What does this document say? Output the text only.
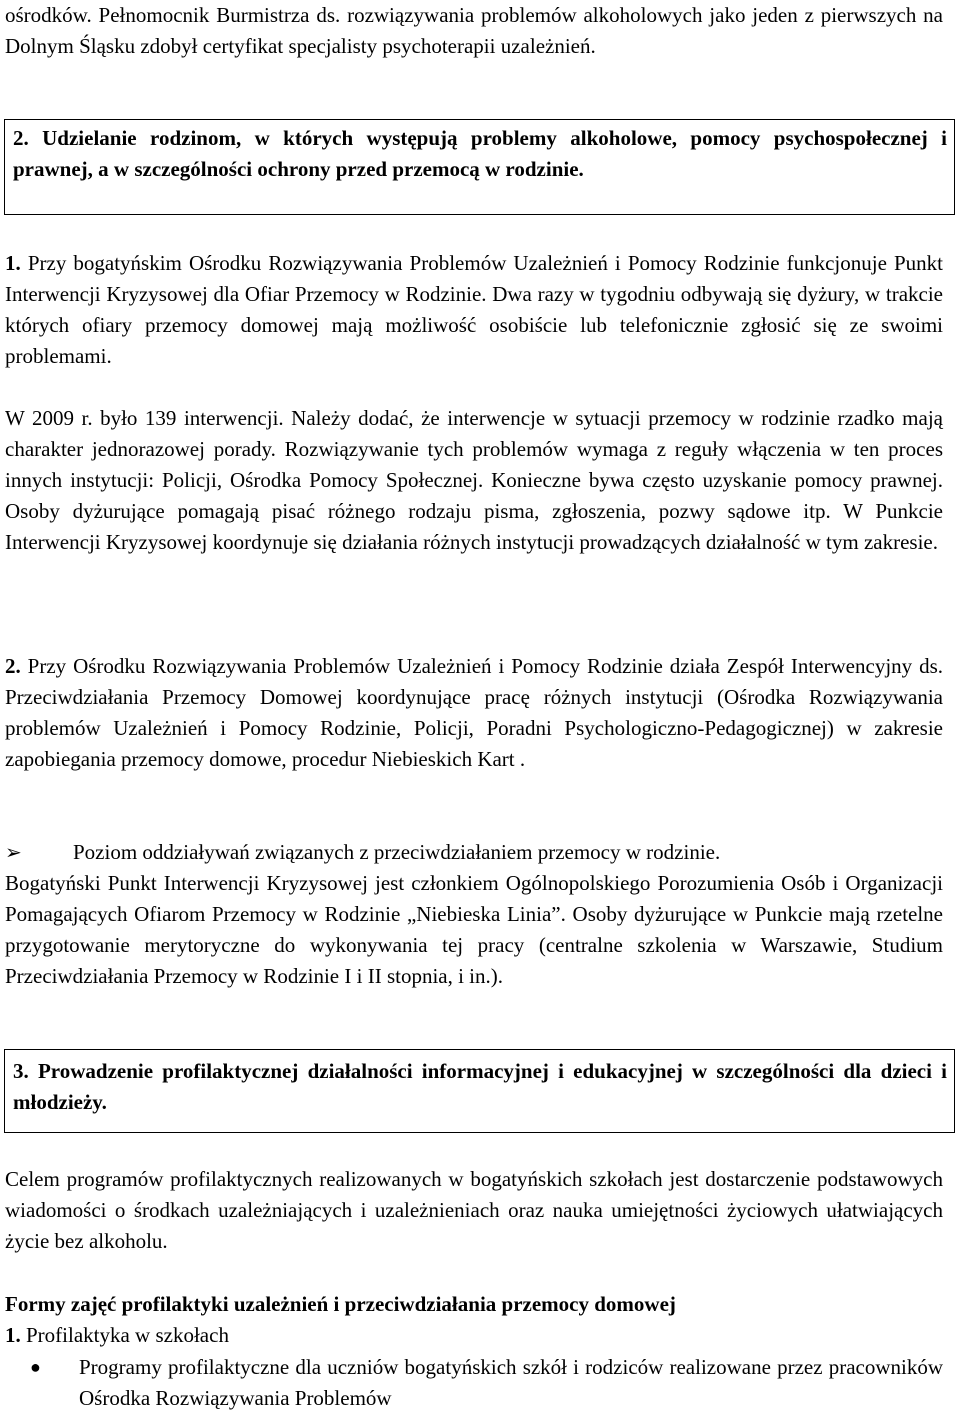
ośrodków. Pełnomocnik Burmistrza ds. rozwiązywania problemów alkoholowych jako jeden z pierwszych na Dolnym Śląsku zdobył certyfikat specjalisty psychoterapii uzależnień.

2. Udzielanie rodzinom, w których występują problemy alkoholowe, pomocy psychospołecznej i prawnej, a w szczególności ochrony przed przemocą w rodzinie.

1. Przy bogatyńskim Ośrodku Rozwiązywania Problemów Uzależnień i Pomocy Rodzinie funkcjonuje Punkt Interwencji Kryzysowej dla Ofiar Przemocy w Rodzinie. Dwa razy w tygodniu odbywają się dyżury, w trakcie których ofiary przemocy domowej mają możliwość osobiście lub telefonicznie zgłosić się ze swoimi problemami.

W 2009 r. było 139 interwencji. Należy dodać, że interwencje w sytuacji przemocy w rodzinie rzadko mają charakter jednorazowej porady. Rozwiązywanie tych problemów wymaga z reguły włączenia w ten proces innych instytucji: Policji, Ośrodka Pomocy Społecznej. Konieczne bywa często uzyskanie pomocy prawnej. Osoby dyżurujące pomagają pisać różnego rodzaju pisma, zgłoszenia, pozwy sądowe itp. W Punkcie Interwencji Kryzysowej koordynuje się działania różnych instytucji prowadzących działalność w tym zakresie.

2. Przy Ośrodku Rozwiązywania Problemów Uzależnień i Pomocy Rodzinie działa Zespół Interwencyjny ds. Przeciwdziałania Przemocy Domowej koordynujące pracę różnych instytucji (Ośrodka Rozwiązywania problemów Uzależnień i Pomocy Rodzinie, Policji, Poradni Psychologiczno-Pedagogicznej) w zakresie zapobiegania przemocy domowe, procedur Niebieskich Kart .

➢ Poziom oddziaływań związanych z przeciwdziałaniem przemocy w rodzinie.

Bogatyński Punkt Interwencji Kryzysowej jest członkiem Ogólnopolskiego Porozumienia Osób i Organizacji Pomagających Ofiarom Przemocy w Rodzinie „Niebieska Linia”. Osoby dyżurujące w Punkcie mają rzetelne przygotowanie merytoryczne do wykonywania tej pracy (centralne szkolenia w Warszawie, Studium Przeciwdziałania Przemocy w Rodzinie I i II stopnia, i in.).

3. Prowadzenie profilaktycznej działalności informacyjnej i edukacyjnej w szczególności dla dzieci i młodzieży.

Celem programów profilaktycznych realizowanych w bogatyńskich szkołach jest dostarczenie podstawowych wiadomości o środkach uzależniających i uzależnieniach oraz nauka umiejętności życiowych ułatwiających życie bez alkoholu.

Formy zajęć profilaktyki uzależnień i przeciwdziałania przemocy domowej

1. Profilaktyka w szkołach

● Programy profilaktyczne dla uczniów bogatyńskich szkół i rodziców realizowane przez pracowników Ośrodka Rozwiązywania Problemów
